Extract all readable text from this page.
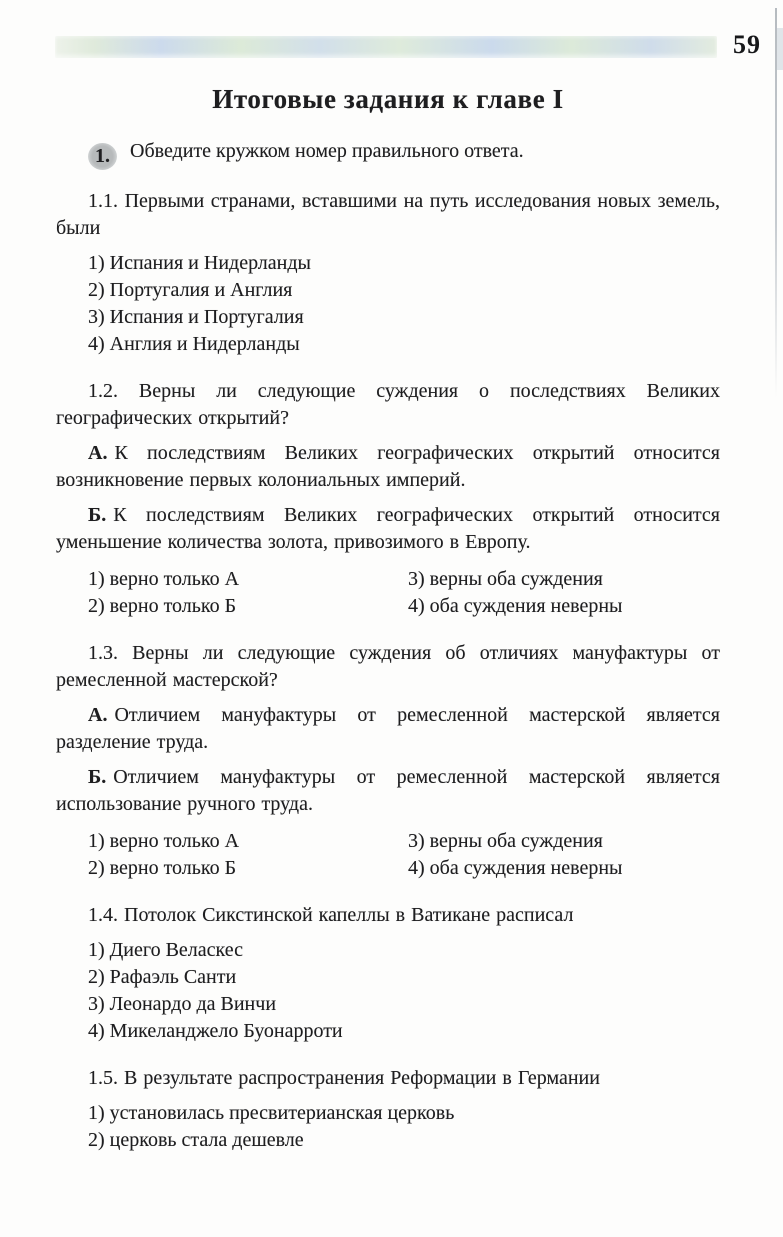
59
Итоговые задания к главе I

1. Обведите кружком номер правильного ответа.

1.1. Первыми странами, вставшими на путь исследования новых земель, были

1) Испания и Нидерланды
2) Португалия и Англия
3) Испания и Португалия
4) Англия и Нидерланды

1.2. Верны ли следующие суждения о последствиях Великих географических открытий?

А. К последствиям Великих географических открытий относится возникновение первых колониальных империй.

Б. К последствиям Великих географических открытий относится уменьшение количества золота, привозимого в Европу.

1) верно только А
2) верно только Б
3) верны оба суждения
4) оба суждения неверны

1.3. Верны ли следующие суждения об отличиях мануфактуры от ремесленной мастерской?

А. Отличием мануфактуры от ремесленной мастерской является разделение труда.

Б. Отличием мануфактуры от ремесленной мастерской является использование ручного труда.

1) верно только А
2) верно только Б
3) верны оба суждения
4) оба суждения неверны

1.4. Потолок Сикстинской капеллы в Ватикане расписал

1) Диего Веласкес
2) Рафаэль Санти
3) Леонардо да Винчи
4) Микеланджело Буонарроти

1.5. В результате распространения Реформации в Германии

1) установилась пресвитерианская церковь
2) церковь стала дешевле
